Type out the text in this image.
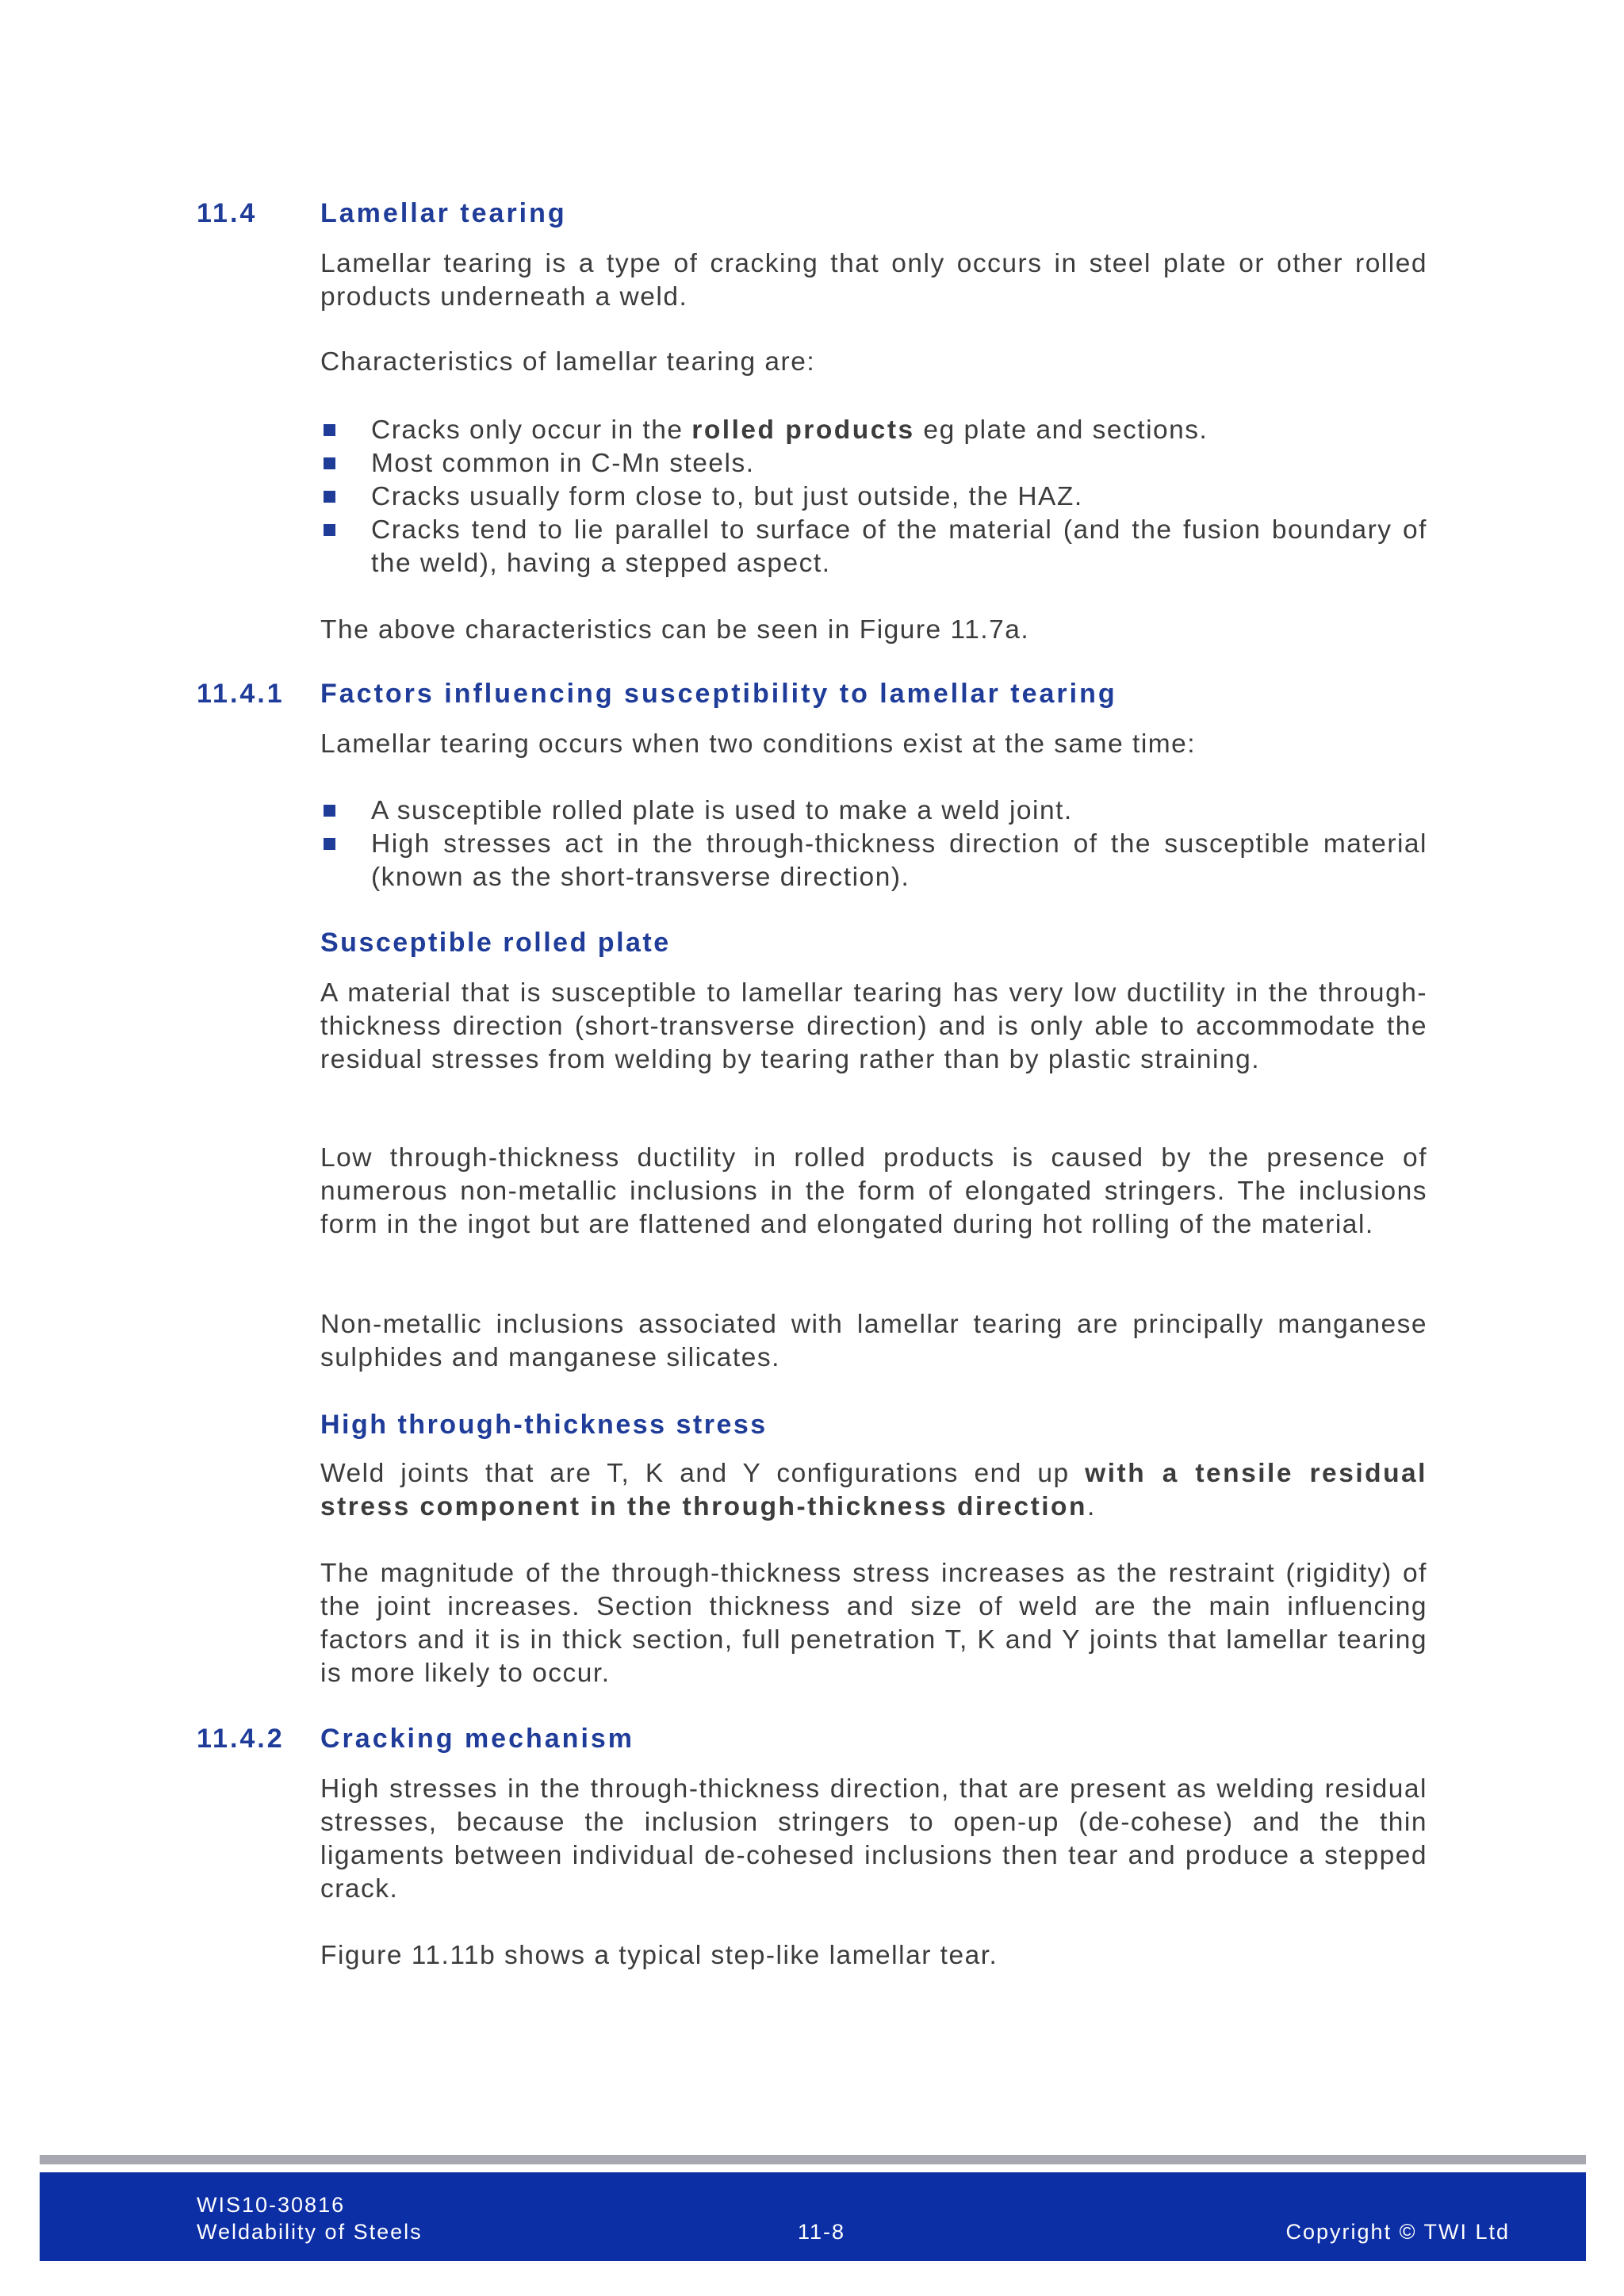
11.4 Lamellar tearing

Lamellar tearing is a type of cracking that only occurs in steel plate or other rolled products underneath a weld.

Characteristics of lamellar tearing are:

Cracks only occur in the rolled products eg plate and sections.
Most common in C-Mn steels.
Cracks usually form close to, but just outside, the HAZ.
Cracks tend to lie parallel to surface of the material (and the fusion boundary of the weld), having a stepped aspect.

The above characteristics can be seen in Figure 11.7a.

11.4.1 Factors influencing susceptibility to lamellar tearing

Lamellar tearing occurs when two conditions exist at the same time:

A susceptible rolled plate is used to make a weld joint.
High stresses act in the through-thickness direction of the susceptible material (known as the short-transverse direction).
Susceptible rolled plate

A material that is susceptible to lamellar tearing has very low ductility in the through-thickness direction (short-transverse direction) and is only able to accommodate the residual stresses from welding by tearing rather than by plastic straining.

Low through-thickness ductility in rolled products is caused by the presence of numerous non-metallic inclusions in the form of elongated stringers. The inclusions form in the ingot but are flattened and elongated during hot rolling of the material.

Non-metallic inclusions associated with lamellar tearing are principally manganese sulphides and manganese silicates.

High through-thickness stress

Weld joints that are T, K and Y configurations end up with a tensile residual stress component in the through-thickness direction.

The magnitude of the through-thickness stress increases as the restraint (rigidity) of the joint increases. Section thickness and size of weld are the main influencing factors and it is in thick section, full penetration T, K and Y joints that lamellar tearing is more likely to occur.

11.4.2 Cracking mechanism

High stresses in the through-thickness direction, that are present as welding residual stresses, because the inclusion stringers to open-up (de-cohese) and the thin ligaments between individual de-cohesed inclusions then tear and produce a stepped crack.

Figure 11.11b shows a typical step-like lamellar tear.

WIS10-30816
Weldability of Steels	11-8	Copyright © TWI Ltd
